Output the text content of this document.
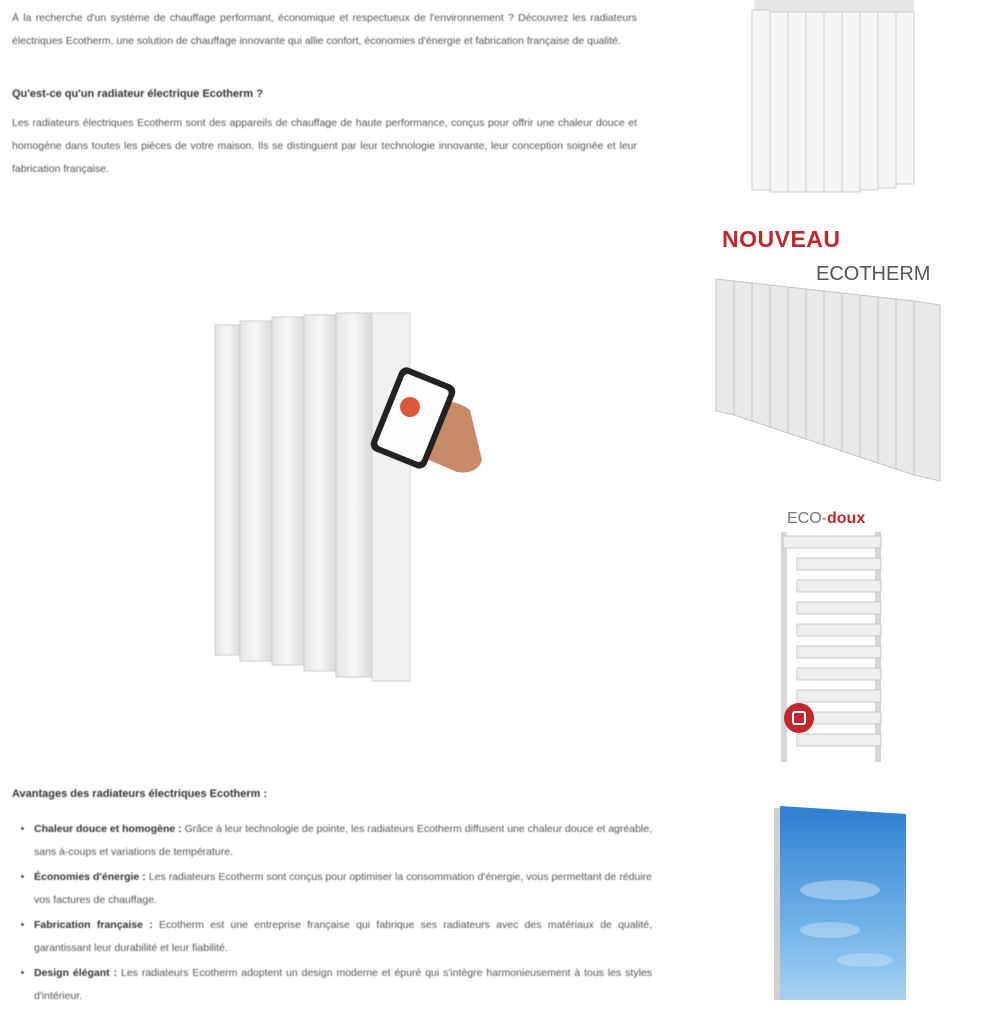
À la recherche d'un système de chauffage performant, économique et respectueux de l'environnement ? Découvrez les radiateurs électriques Ecotherm, une solution de chauffage innovante qui allie confort, économies d'énergie et fabrication française de qualité.

Qu'est-ce qu'un radiateur électrique Ecotherm ?

Les radiateurs électriques Ecotherm sont des appareils de chauffage de haute performance, conçus pour offrir une chaleur douce et homogène dans toutes les pièces de votre maison. Ils se distinguent par leur technologie innovante, leur conception soignée et leur fabrication française.

NOUVEAU
ECOTHERM
ECO-doux
Avantages des radiateurs électriques Ecotherm :
• Chaleur douce et homogène : Grâce à leur technologie de pointe, les radiateurs Ecotherm diffusent une chaleur douce et agréable, sans à-coups et variations de température.
• Économies d'énergie : Les radiateurs Ecotherm sont conçus pour optimiser la consommation d'énergie, vous permettant de réduire vos factures de chauffage.
• Fabrication française : Ecotherm est une entreprise française qui fabrique ses radiateurs avec des matériaux de qualité, garantissant leur durabilité et leur fiabilité.
• Design élégant : Les radiateurs Ecotherm adoptent un design moderne et épuré qui s'intègre harmonieusement à tous les styles d'intérieur.
